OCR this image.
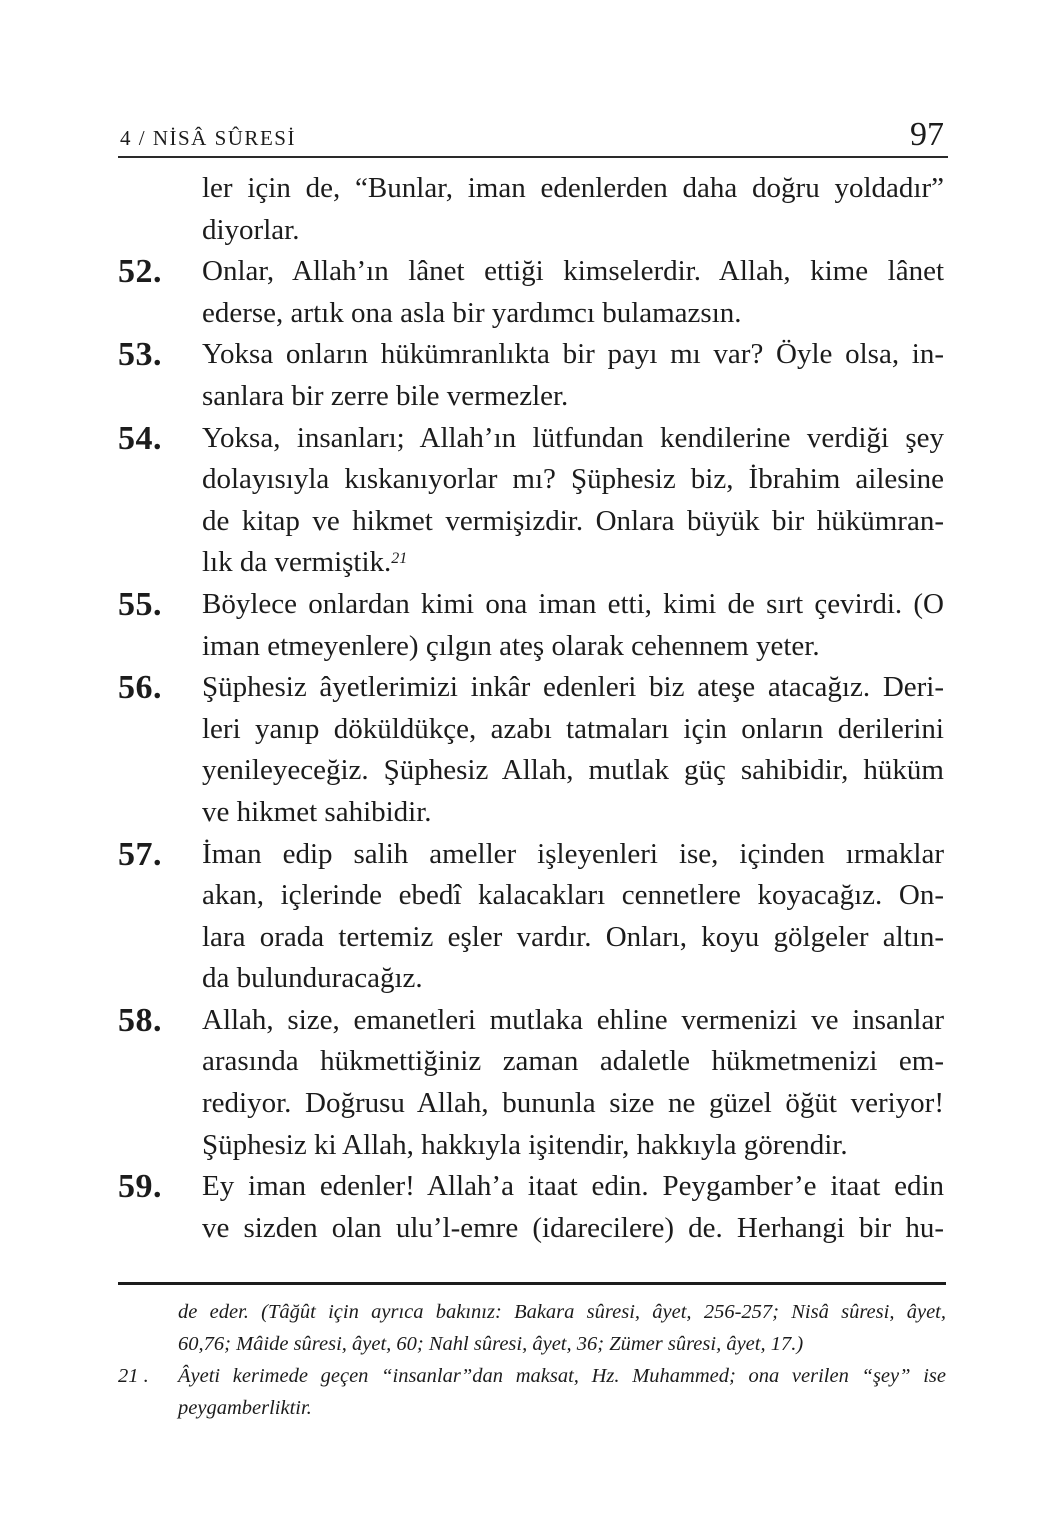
4 / NİSÂ SÛRESİ	97
ler için de, “Bunlar, iman edenlerden daha doğru yoldadır”
diyorlar.
52. Onlar, Allah’ın lânet ettiği kimselerdir. Allah, kime lânet
ederse, artık ona asla bir yardımcı bulamazsın.
53. Yoksa onların hükümranlıkta bir payı mı var? Öyle olsa, in-
sanlara bir zerre bile vermezler.
54. Yoksa, insanları; Allah’ın lütfundan kendilerine verdiği şey
dolayısıyla kıskanıyorlar mı? Şüphesiz biz, İbrahim ailesine
de kitap ve hikmet vermişizdir. Onlara büyük bir hükümran-
lık da vermiştik.$^{21}$
55. Böylece onlardan kimi ona iman etti, kimi de sırt çevirdi. (O
iman etmeyenlere) çılgın ateş olarak cehennem yeter.
56. Şüphesiz âyetlerimizi inkâr edenleri biz ateşe atacağız. Deri-
leri yanıp döküldükçe, azabı tatmaları için onların derilerini
yenileyeceğiz. Şüphesiz Allah, mutlak güç sahibidir, hüküm
ve hikmet sahibidir.
57. İman edip salih ameller işleyenleri ise, içinden ırmaklar
akan, içlerinde ebedî kalacakları cennetlere koyacağız. On-
lara orada tertemiz eşler vardır. Onları, koyu gölgeler altın-
da bulunduracağız.
58. Allah, size, emanetleri mutlaka ehline vermenizi ve insanlar
arasında hükmettiğiniz zaman adaletle hükmetmenizi em-
rediyor. Doğrusu Allah, bununla size ne güzel öğüt veriyor!
Şüphesiz ki Allah, hakkıyla işitendir, hakkıyla görendir.
59. Ey iman edenler! Allah’a itaat edin. Peygamber’e itaat edin
ve sizden olan ulu’l-emre (idarecilere) de. Herhangi bir hu-
de eder. (Tâğût için ayrıca bakınız: Bakara sûresi, âyet, 256-257; Nisâ sûresi, âyet,
60,76; Mâide sûresi, âyet, 60; Nahl sûresi, âyet, 36; Zümer sûresi, âyet, 17.)
21 . Âyeti kerimede geçen “insanlar”dan maksat, Hz. Muhammed; ona verilen “şey” ise
peygamberliktir.
